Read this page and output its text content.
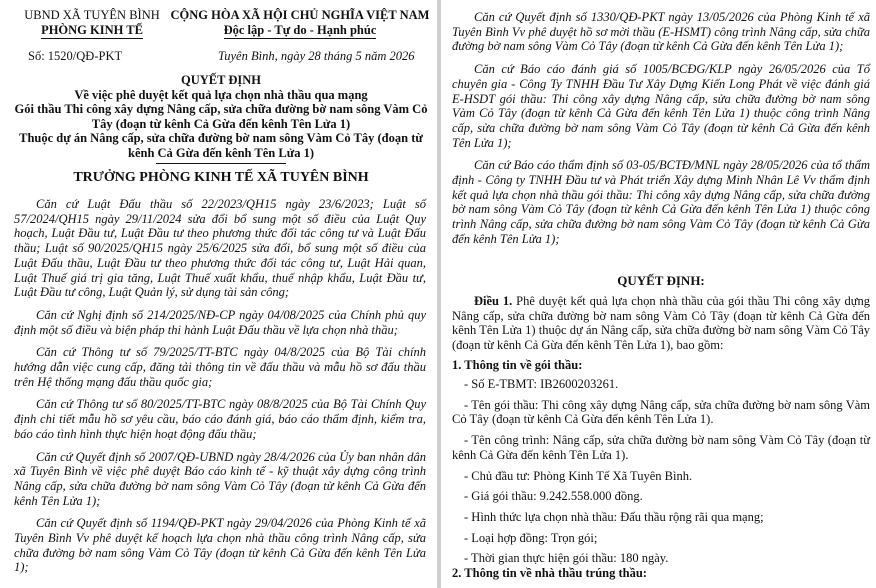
UBND XÃ TUYÊN BÌNH
PHÒNG KINH TẾ
CỘNG HÒA XÃ HỘI CHỦ NGHĨA VIỆT NAM
Độc lập - Tự do - Hạnh phúc
Số: 1520/QĐ-PKT	Tuyên Bình, ngày 28 tháng 5 năm 2026
QUYẾT ĐỊNH
Về việc phê duyệt kết quả lựa chọn nhà thầu qua mạng
Gói thầu Thi công xây dựng Nâng cấp, sửa chữa đường bờ nam sông Vàm Cỏ Tây (đoạn từ kênh Cả Gừa đến kênh Tên Lửa 1)
Thuộc dự án Nâng cấp, sửa chữa đường bờ nam sông Vàm Cỏ Tây (đoạn từ kênh Cả Gừa đến kênh Tên Lửa 1)
TRƯỞNG PHÒNG KINH TẾ XÃ TUYÊN BÌNH

Căn cứ Luật Đấu thầu số 22/2023/QH15 ngày 23/6/2023; Luật số 57/2024/QH15 ngày 29/11/2024 sửa đổi bổ sung một số điều của Luật Quy hoạch, Luật Đầu tư, Luật Đầu tư theo phương thức đối tác công tư và Luật Đấu thầu; Luật số 90/2025/QH15 ngày 25/6/2025 sửa đổi, bổ sung một số điều của Luật Đấu thầu, Luật Đầu tư theo phương thức đối tác công tư, Luật Hải quan, Luật Thuế giá trị gia tăng, Luật Thuế xuất khẩu, thuế nhập khẩu, Luật Đầu tư, Luật Đầu tư công, Luật Quản lý, sử dụng tài sản công;

Căn cứ Nghị định số 214/2025/NĐ-CP ngày 04/08/2025 của Chính phủ quy định một số điều và biện pháp thi hành Luật Đấu thầu về lựa chọn nhà thầu;

Căn cứ Thông tư số 79/2025/TT-BTC ngày 04/8/2025 của Bộ Tài chính hướng dẫn việc cung cấp, đăng tải thông tin về đấu thầu và mẫu hồ sơ đấu thầu trên Hệ thống mạng đấu thầu quốc gia;

Căn cứ Thông tư số 80/2025/TT-BTC ngày 08/8/2025 của Bộ Tài Chính Quy định chi tiết mẫu hồ sơ yêu cầu, báo cáo đánh giá, báo cáo thẩm định, kiểm tra, báo cáo tình hình thực hiện hoạt động đấu thầu;

Căn cứ Quyết định số 2007/QĐ-UBND ngày 28/4/2026 của Ủy ban nhân dân xã Tuyên Bình về việc phê duyệt Báo cáo kinh tế - kỹ thuật xây dựng công trình Nâng cấp, sửa chữa đường bờ nam sông Vàm Cỏ Tây (đoạn từ kênh Cả Gừa đến kênh Tên Lửa 1);

Căn cứ Quyết định số 1194/QĐ-PKT ngày 29/04/2026 của Phòng Kinh tế xã Tuyên Bình Vv phê duyệt kế hoạch lựa chọn nhà thầu công trình Nâng cấp, sửa chữa đường bờ nam sông Vàm Cỏ Tây (đoạn từ kênh Cả Gừa đến kênh Tên Lửa 1);

Căn cứ Quyết định số 1330/QĐ-PKT ngày 13/05/2026 của Phòng Kinh tế xã Tuyên Bình Vv phê duyệt hồ sơ mời thầu (E-HSMT) công trình Nâng cấp, sửa chữa đường bờ nam sông Vàm Cỏ Tây (đoạn từ kênh Cả Gừa đến kênh Tên Lửa 1);

Căn cứ Báo cáo đánh giá số 1005/BCĐG/KLP ngày 26/05/2026 của Tổ chuyên gia - Công Ty TNHH Đầu Tư Xây Dựng Kiến Long Phát về việc đánh giá E-HSDT gói thầu: Thi công xây dựng Nâng cấp, sửa chữa đường bờ nam sông Vàm Cỏ Tây (đoạn từ kênh Cả Gừa đến kênh Tên Lửa 1) thuộc công trình Nâng cấp, sửa chữa đường bờ nam sông Vàm Cỏ Tây (đoạn từ kênh Cả Gừa đến kênh Tên Lửa 1);

Căn cứ Báo cáo thẩm định số 03-05/BCTĐ/MNL ngày 28/05/2026 của tổ thẩm định - Công ty TNHH Đầu tư và Phát triển Xây dựng Minh Nhân Lê Vv thẩm định kết quả lựa chọn nhà thầu gói thầu: Thi công xây dựng Nâng cấp, sửa chữa đường bờ nam sông Vàm Cỏ Tây (đoạn từ kênh Cả Gừa đến kênh Tên Lửa 1) thuộc công trình Nâng cấp, sửa chữa đường bờ nam sông Vàm Cỏ Tây (đoạn từ kênh Cả Gừa đến kênh Tên Lửa 1);

QUYẾT ĐỊNH:

Điều 1. Phê duyệt kết quả lựa chọn nhà thầu của gói thầu Thi công xây dựng Nâng cấp, sửa chữa đường bờ nam sông Vàm Cỏ Tây (đoạn từ kênh Cả Gừa đến kênh Tên Lửa 1) thuộc dự án Nâng cấp, sửa chữa đường bờ nam sông Vàm Cỏ Tây (đoạn từ kênh Cả Gừa đến kênh Tên Lửa 1), bao gồm:

1. Thông tin về gói thầu:

- Số E-TBMT: IB2600203261.

- Tên gói thầu: Thi công xây dựng Nâng cấp, sửa chữa đường bờ nam sông Vàm Cỏ Tây (đoạn từ kênh Cả Gừa đến kênh Tên Lửa 1).

- Tên công trình: Nâng cấp, sửa chữa đường bờ nam sông Vàm Cỏ Tây (đoạn từ kênh Cả Gừa đến kênh Tên Lửa 1).

- Chủ đầu tư: Phòng Kinh Tế Xã Tuyên Bình.

- Giá gói thầu: 9.242.558.000 đồng.

- Hình thức lựa chọn nhà thầu: Đấu thầu rộng rãi qua mạng;

- Loại hợp đồng: Trọn gói;

- Thời gian thực hiện gói thầu: 180 ngày.

2. Thông tin về nhà thầu trúng thầu:
